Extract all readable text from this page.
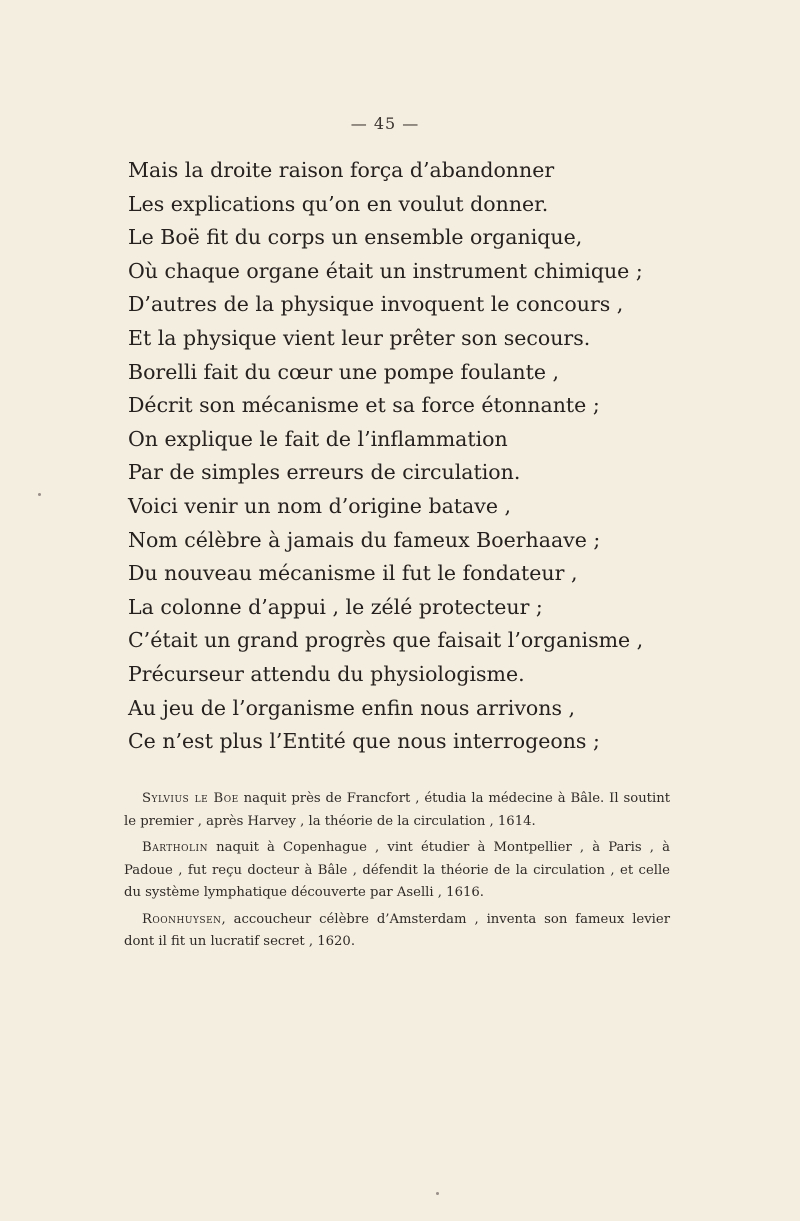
— 45 —
Mais la droite raison força d’abandonner
Les explications qu’on en voulut donner.
Le Boë fit du corps un ensemble organique,
Où chaque organe était un instrument chimique ;
D’autres de la physique invoquent le concours ,
Et la physique vient leur prêter son secours.
Borelli fait du cœur une pompe foulante ,
Décrit son mécanisme et sa force étonnante ;
On explique le fait de l’inflammation
Par de simples erreurs de circulation.
Voici venir un nom d’origine batave ,
Nom célèbre à jamais du fameux Boerhaave ;
Du nouveau mécanisme il fut le fondateur ,
La colonne d’appui , le zélé protecteur ;
C’était un grand progrès que faisait l’organisme ,
Précurseur attendu du physiologisme.
Au jeu de l’organisme enfin nous arrivons ,
Ce n’est plus l’Entité que nous interrogeons ;

Sylvius le Boe naquit près de Francfort , étudia la médecine à Bâle. Il soutint le premier , après Harvey , la théorie de la circulation , 1614.

Bartholin naquit à Copenhague , vint étudier à Montpellier , à Paris , à Padoue , fut reçu docteur à Bâle , défendit la théorie de la circulation , et celle du système lymphatique découverte par Aselli , 1616.

Roonhuysen, accoucheur célèbre d’Amsterdam , inventa son fameux levier dont il fit un lucratif secret , 1620.
